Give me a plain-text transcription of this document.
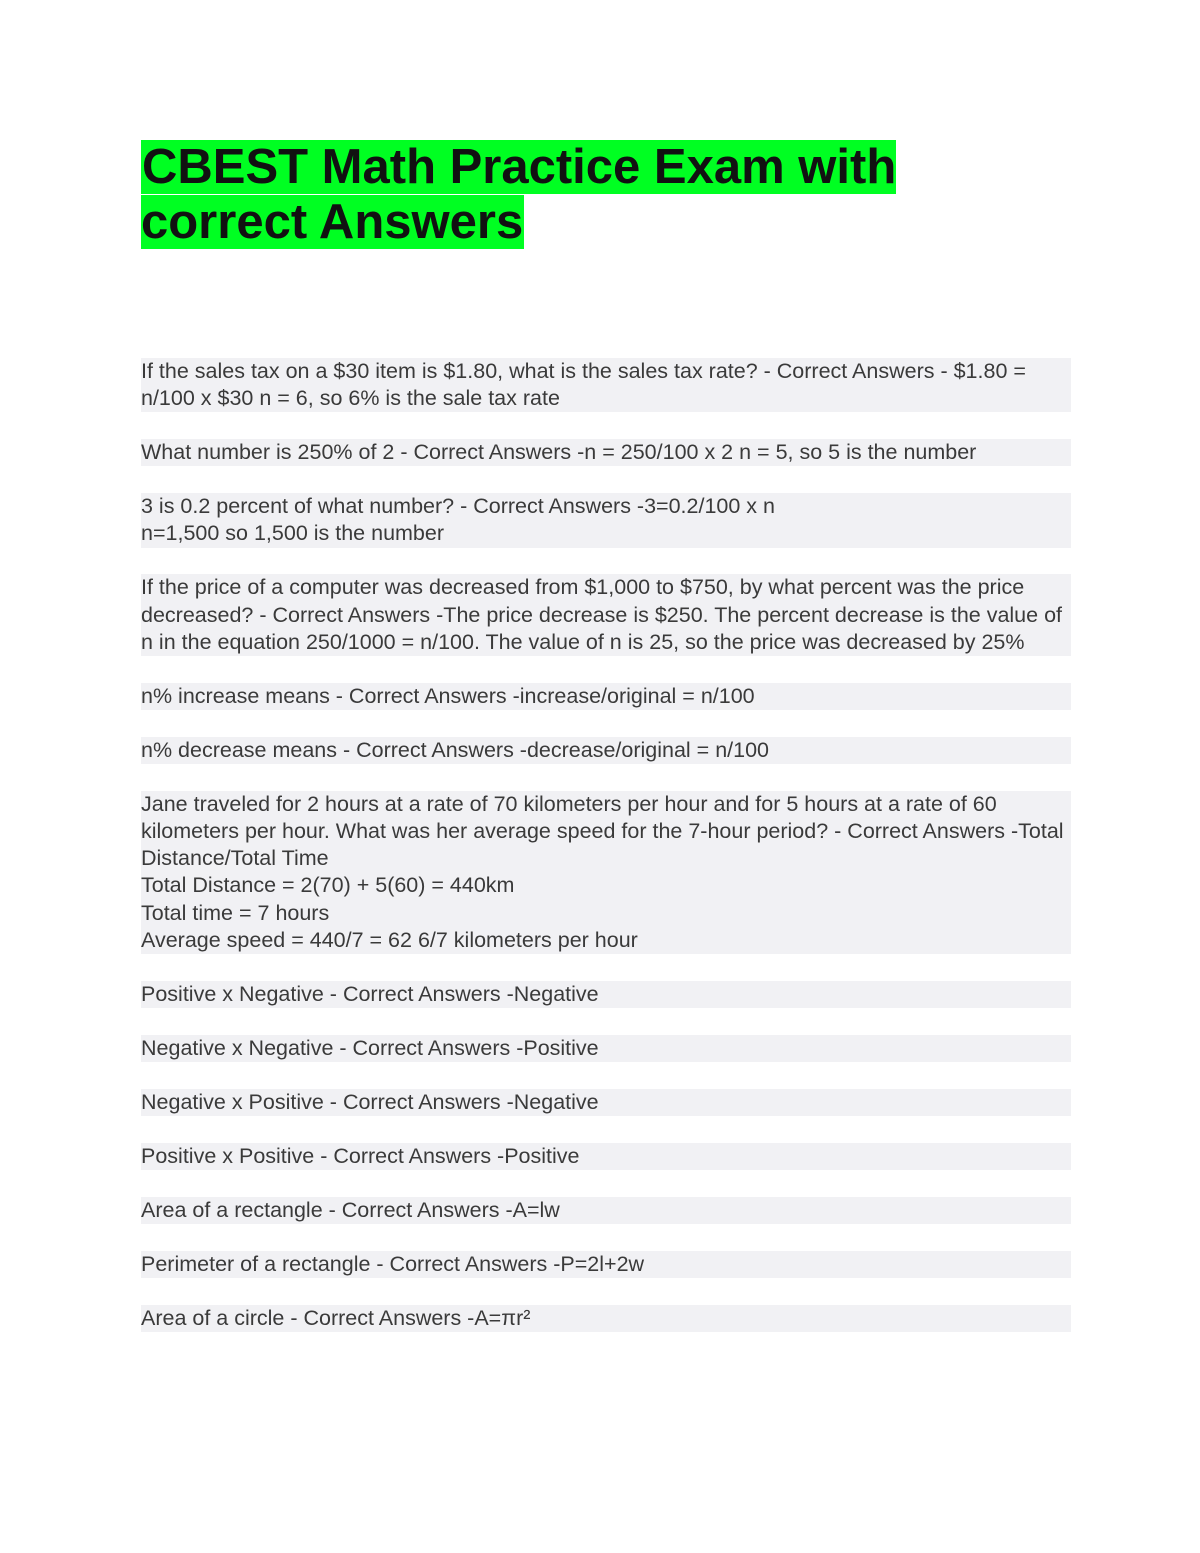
CBEST Math Practice Exam with correct Answers

If the sales tax on a $30 item is $1.80, what is the sales tax rate? - Correct Answers - $1.80 = n/100 x $30 n = 6, so 6% is the sale tax rate

What number is 250% of 2 - Correct Answers -n = 250/100 x 2 n = 5, so 5 is the number

3 is 0.2 percent of what number? - Correct Answers -3=0.2/100 x n
n=1,500 so 1,500 is the number

If the price of a computer was decreased from $1,000 to $750, by what percent was the price decreased? - Correct Answers -The price decrease is $250. The percent decrease is the value of n in the equation 250/1000 = n/100. The value of n is 25, so the price was decreased by 25%

n% increase means - Correct Answers -increase/original = n/100

n% decrease means - Correct Answers -decrease/original = n/100

Jane traveled for 2 hours at a rate of 70 kilometers per hour and for 5 hours at a rate of 60 kilometers per hour. What was her average speed for the 7-hour period? - Correct Answers -Total Distance/Total Time
Total Distance = 2(70) + 5(60) = 440km
Total time = 7 hours
Average speed = 440/7 = 62 6/7 kilometers per hour

Positive x Negative - Correct Answers -Negative

Negative x Negative - Correct Answers -Positive

Negative x Positive - Correct Answers -Negative

Positive x Positive - Correct Answers -Positive

Area of a rectangle - Correct Answers -A=lw

Perimeter of a rectangle - Correct Answers -P=2l+2w

Area of a circle - Correct Answers -A=πr²
